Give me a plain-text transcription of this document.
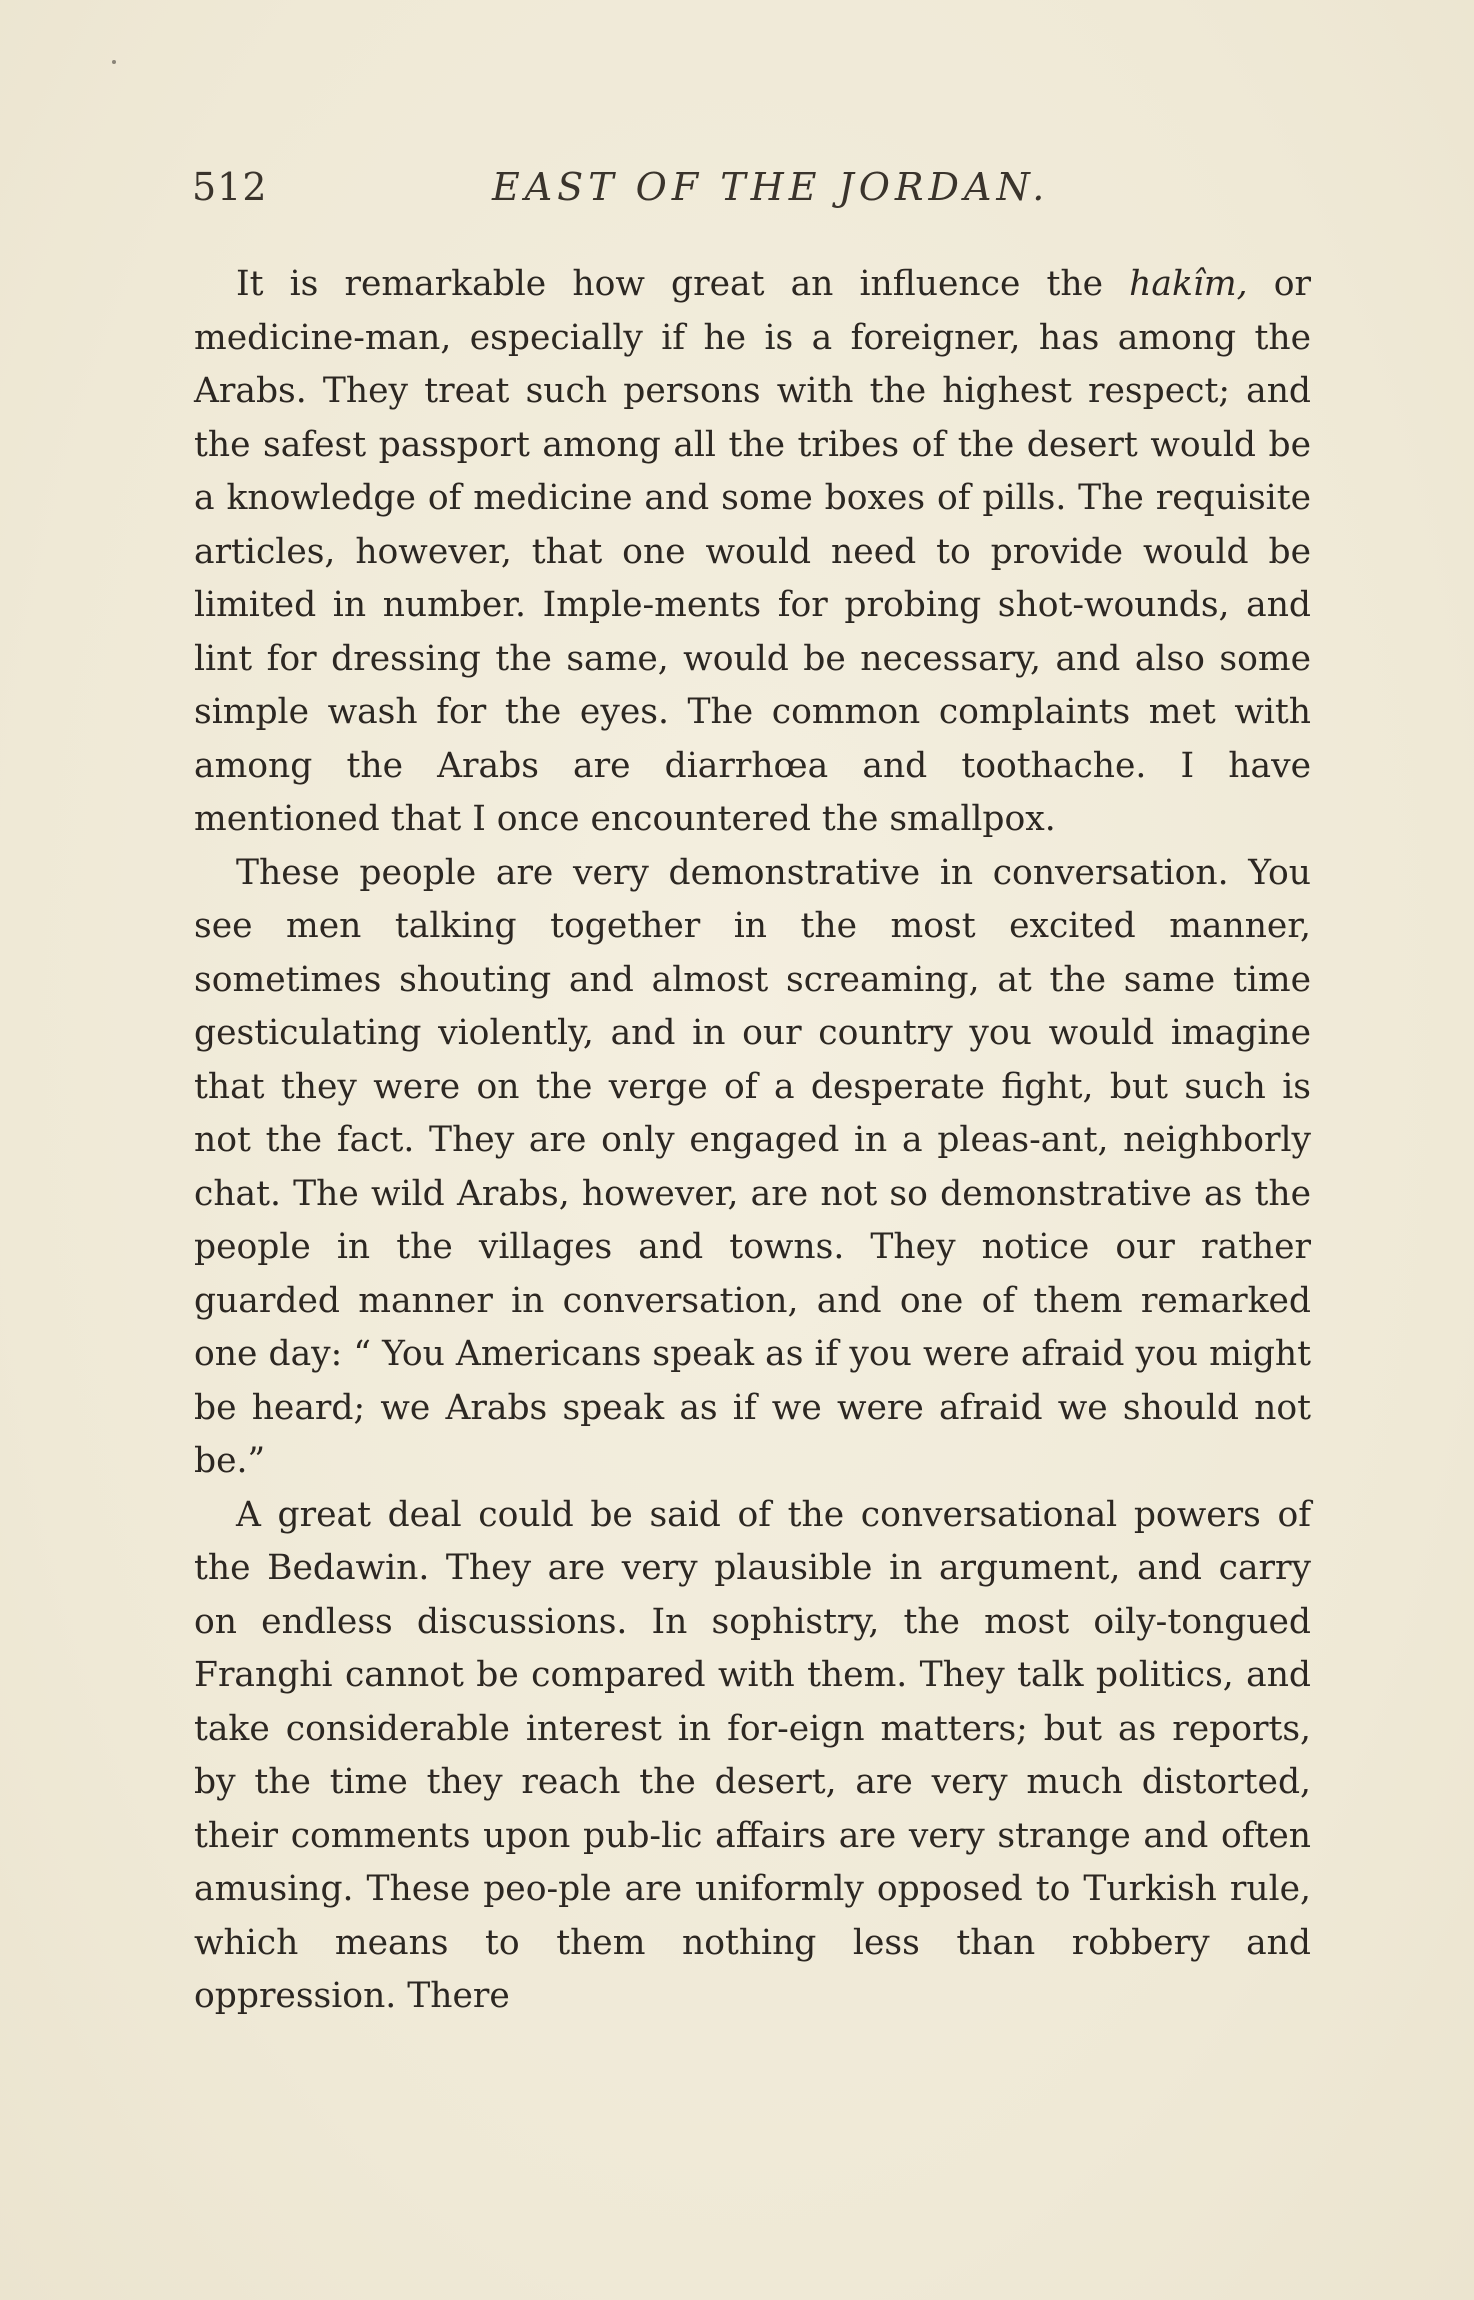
512	EAST OF THE JORDAN.

It is remarkable how great an influence the hakîm, or medicine-man, especially if he is a foreigner, has among the Arabs. They treat such persons with the highest respect; and the safest passport among all the tribes of the desert would be a knowledge of medicine and some boxes of pills. The requisite articles, however, that one would need to provide would be limited in number. Imple-ments for probing shot-wounds, and lint for dressing the same, would be necessary, and also some simple wash for the eyes. The common complaints met with among the Arabs are diarrhœa and toothache. I have mentioned that I once encountered the smallpox.

These people are very demonstrative in conversation. You see men talking together in the most excited manner, sometimes shouting and almost screaming, at the same time gesticulating violently, and in our country you would imagine that they were on the verge of a desperate fight, but such is not the fact. They are only engaged in a pleas-ant, neighborly chat. The wild Arabs, however, are not so demonstrative as the people in the villages and towns. They notice our rather guarded manner in conversation, and one of them remarked one day: “ You Americans speak as if you were afraid you might be heard; we Arabs speak as if we were afraid we should not be.”

A great deal could be said of the conversational powers of the Bedawin. They are very plausible in argument, and carry on endless discussions. In sophistry, the most oily-tongued Franghi cannot be compared with them. They talk politics, and take considerable interest in for-eign matters; but as reports, by the time they reach the desert, are very much distorted, their comments upon pub-lic affairs are very strange and often amusing. These peo-ple are uniformly opposed to Turkish rule, which means to them nothing less than robbery and oppression. There
